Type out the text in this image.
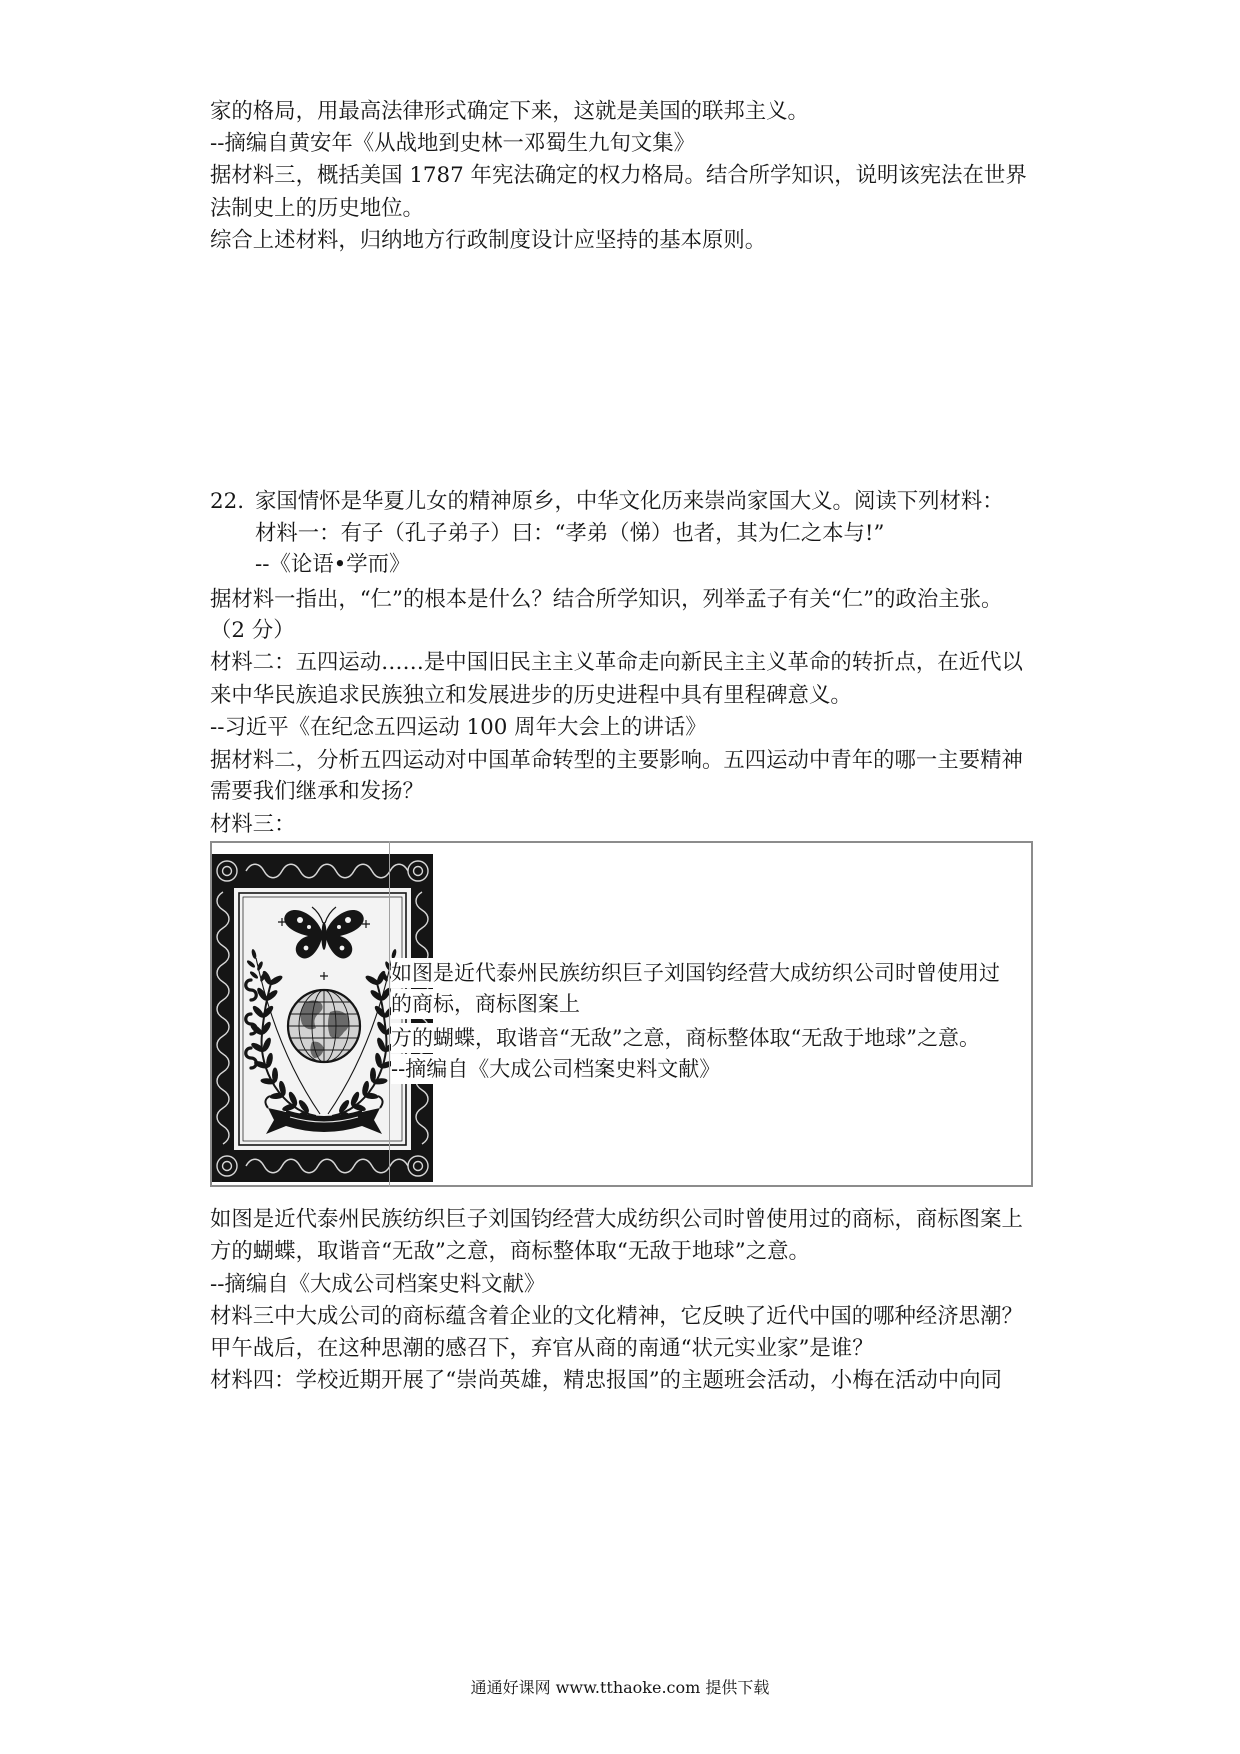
家的格局，用最高法律形式确定下来，这就是美国的联邦主义。
--摘编自黄安年《从战地到史林一邓蜀生九旬文集》
据材料三，概括美国 1787 年宪法确定的权力格局。结合所学知识，说明该宪法在世界
法制史上的历史地位。
综合上述材料，归纳地方行政制度设计应坚持的基本原则。
22. 家国情怀是华夏儿女的精神原乡，中华文化历来崇尚家国大义。阅读下列材料：
材料一：有子（孔子弟子）曰：“孝弟（悌）也者，其为仁之本与!”
--《论语•学而》
据材料一指出，“仁”的根本是什么？结合所学知识，列举孟子有关“仁”的政治主张。
（2 分）
材料二：五四运动……是中国旧民主主义革命走向新民主主义革命的转折点，在近代以
来中华民族追求民族独立和发展进步的历史进程中具有里程碑意义。
--习近平《在纪念五四运动 100 周年大会上的讲话》
据材料二，分析五四运动对中国革命转型的主要影响。五四运动中青年的哪一主要精神
需要我们继承和发扬？
材料三：
如图是近代泰州民族纺织巨子刘国钧经营大成纺织公司时曾使用过
的商标，商标图案上
方的蝴蝶，取谐音“无敌”之意，商标整体取“无敌于地球”之意。
--摘编自《大成公司档案史料文献》
如图是近代泰州民族纺织巨子刘国钧经营大成纺织公司时曾使用过的商标，商标图案上
方的蝴蝶，取谐音“无敌”之意，商标整体取“无敌于地球”之意。
--摘编自《大成公司档案史料文献》
材料三中大成公司的商标蕴含着企业的文化精神，它反映了近代中国的哪种经济思潮？
甲午战后，在这种思潮的感召下，弃官从商的南通“状元实业家”是谁？
材料四：学校近期开展了“崇尚英雄，精忠报国”的主题班会活动，小梅在活动中向同
通通好课网 www.tthaoke.com 提供下载
